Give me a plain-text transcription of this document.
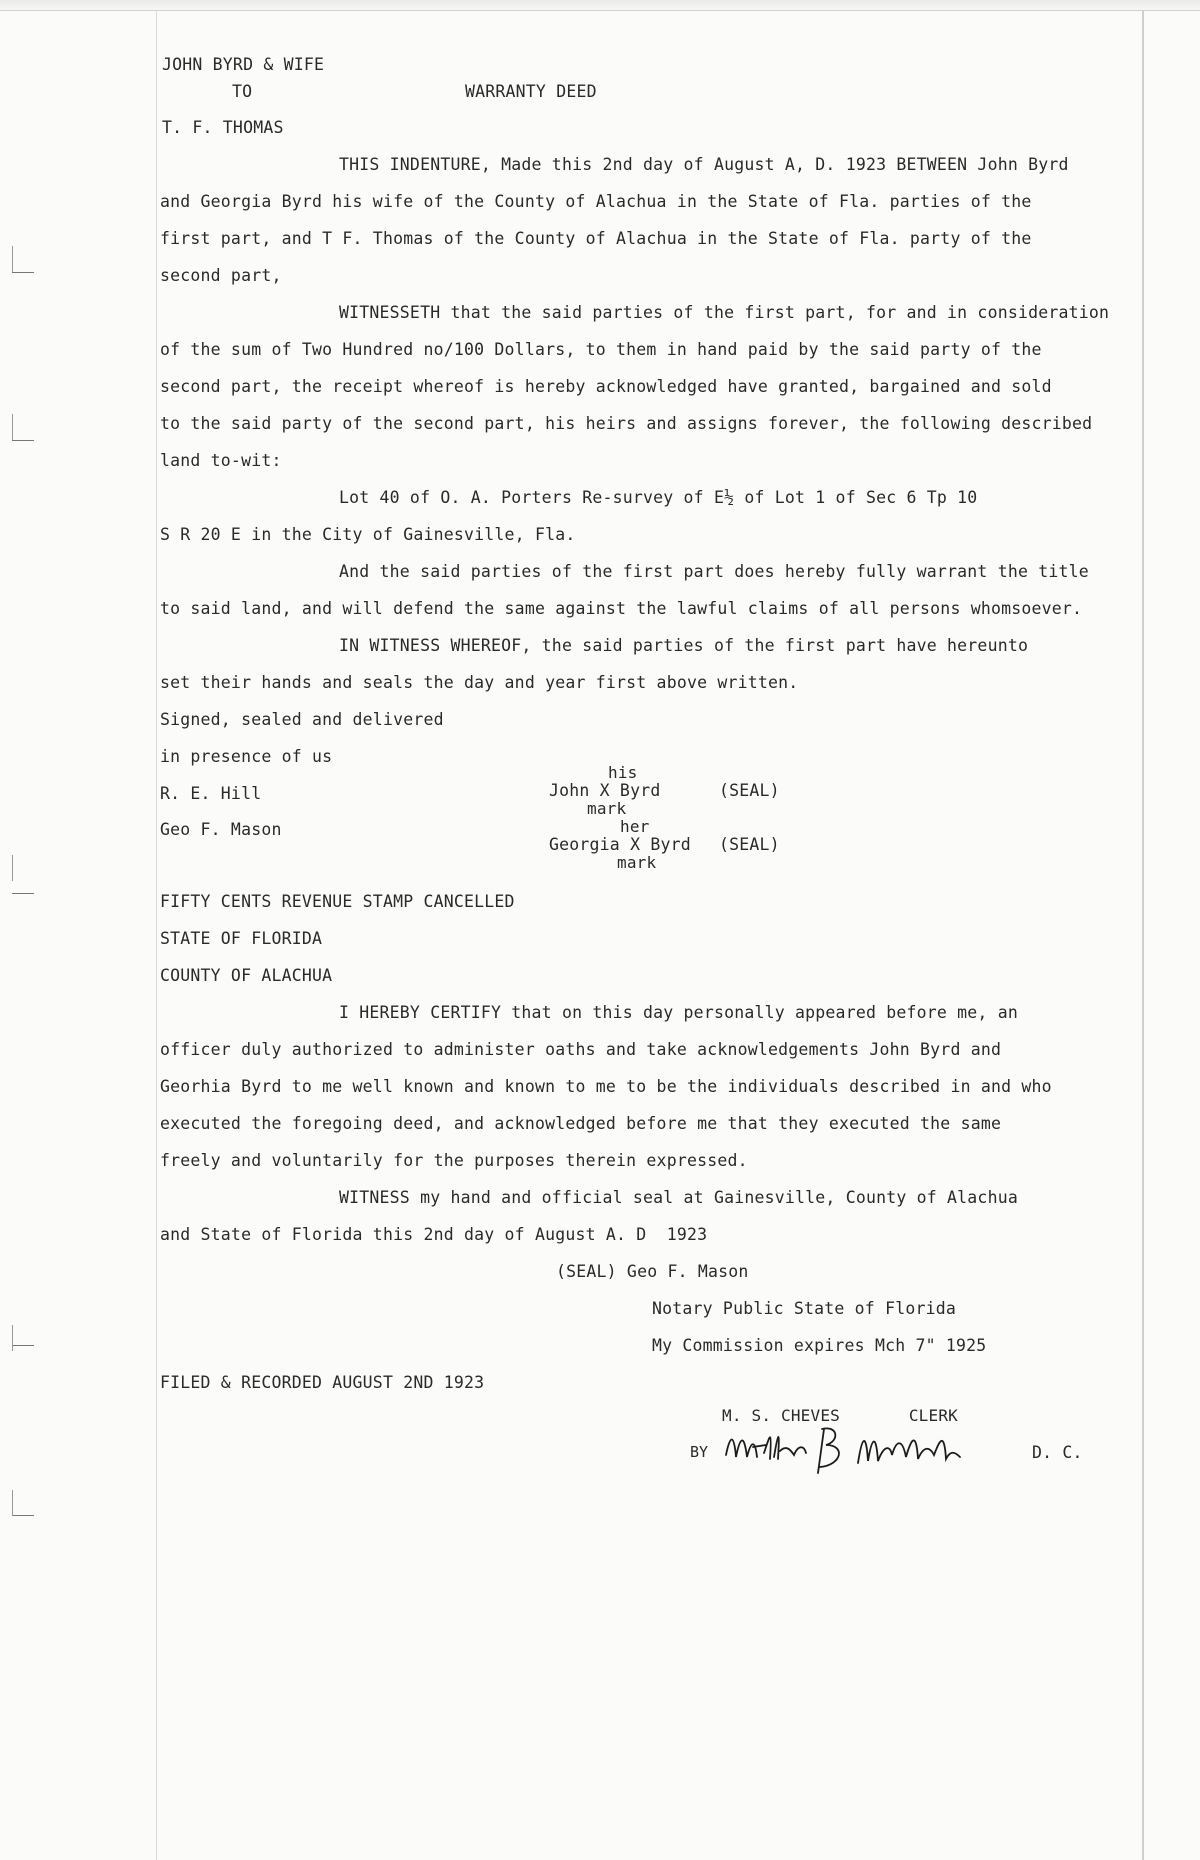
JOHN BYRD & WIFE
TO	WARRANTY DEED
T. F. THOMAS
THIS INDENTURE, Made this 2nd day of August A, D. 1923 BETWEEN John Byrd
and Georgia Byrd his wife of the County of Alachua in the State of Fla. parties of the
first part, and T F. Thomas of the County of Alachua in the State of Fla. party of the
second part,
WITNESSETH that the said parties of the first part, for and in consideration
of the sum of Two Hundred no/100 Dollars, to them in hand paid by the said party of the
second part, the receipt whereof is hereby acknowledged have granted, bargained and sold
to the said party of the second part, his heirs and assigns forever, the following described
land to-wit:
Lot 40 of O. A. Porters Re-survey of E½ of Lot 1 of Sec 6 Tp 10
S R 20 E in the City of Gainesville, Fla.
And the said parties of the first part does hereby fully warrant the title
to said land, and will defend the same against the lawful claims of all persons whomsoever.
IN WITNESS WHEREOF, the said parties of the first part have hereunto
set their hands and seals the day and year first above written.
Signed, sealed and delivered
in presence of us
R. E. Hill
Geo F. Mason
his
John X Byrd	(SEAL)
mark
her
Georgia X Byrd (SEAL)
mark
FIFTY CENTS REVENUE STAMP CANCELLED
STATE OF FLORIDA
COUNTY OF ALACHUA
I HEREBY CERTIFY that on this day personally appeared before me, an
officer duly authorized to administer oaths and take acknowledgements John Byrd and
Georhia Byrd to me well known and known to me to be the individuals described in and who
executed the foregoing deed, and acknowledged before me that they executed the same
freely and voluntarily for the purposes therein expressed.
WITNESS my hand and official seal at Gainesville, County of Alachua
and State of Florida this 2nd day of August A. D  1923
(SEAL) Geo F. Mason
Notary Public State of Florida
My Commission expires Mch 7" 1925
FILED & RECORDED AUGUST 2ND 1923
M. S. CHEVES       CLERK
BY	D. C.
